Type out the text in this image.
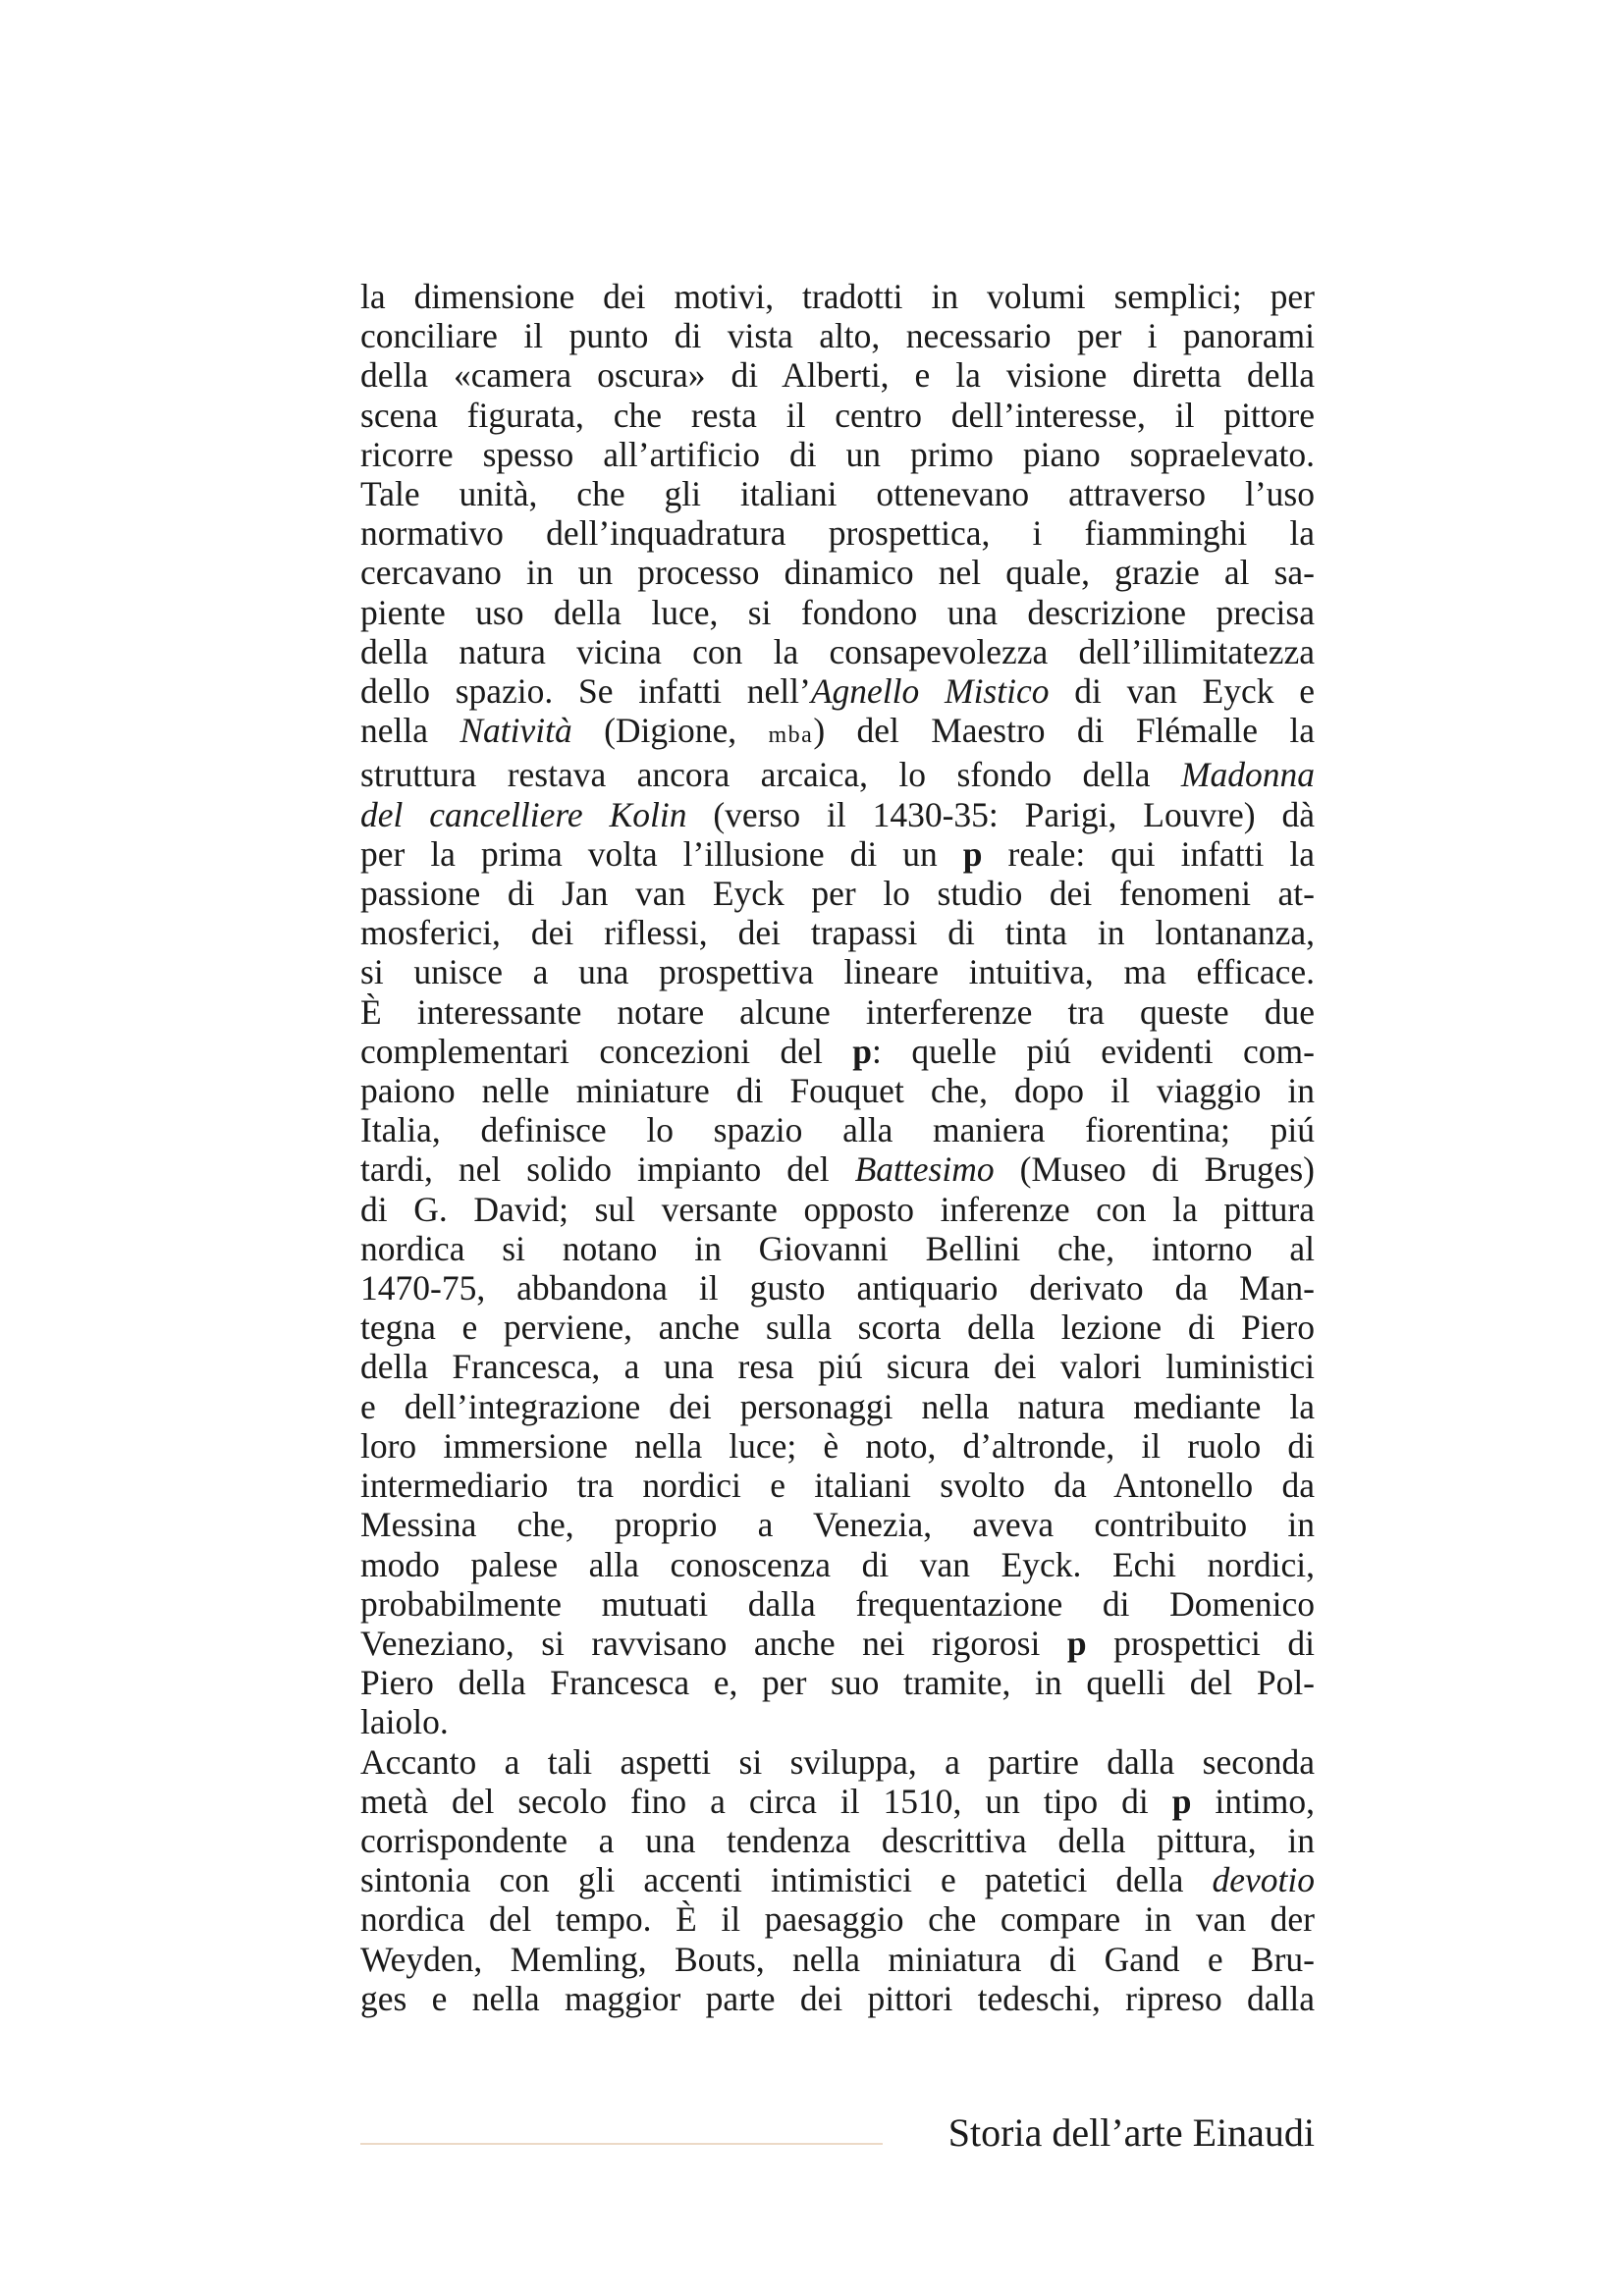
la dimensione dei motivi, tradotti in volumi semplici; per
conciliare il punto di vista alto, necessario per i panorami
della «camera oscura» di Alberti, e la visione diretta della
scena figurata, che resta il centro dell’interesse, il pittore
ricorre spesso all’artificio di un primo piano sopraelevato.
Tale unità, che gli italiani ottenevano attraverso l’uso
normativo dell’inquadratura prospettica, i fiamminghi la
cercavano in un processo dinamico nel quale, grazie al sa-
piente uso della luce, si fondono una descrizione precisa
della natura vicina con la consapevolezza dell’illimitatezza
dello spazio. Se infatti nell’Agnello Mistico di van Eyck e
nella Natività (Digione, mba) del Maestro di Flémalle la
struttura restava ancora arcaica, lo sfondo della Madonna
del cancelliere Kolin (verso il 1430-35: Parigi, Louvre) dà
per la prima volta l’illusione di un p reale: qui infatti la
passione di Jan van Eyck per lo studio dei fenomeni at-
mosferici, dei riflessi, dei trapassi di tinta in lontananza,
si unisce a una prospettiva lineare intuitiva, ma efficace.
È interessante notare alcune interferenze tra queste due
complementari concezioni del p: quelle piú evidenti com-
paiono nelle miniature di Fouquet che, dopo il viaggio in
Italia, definisce lo spazio alla maniera fiorentina; piú
tardi, nel solido impianto del Battesimo (Museo di Bruges)
di G. David; sul versante opposto inferenze con la pittura
nordica si notano in Giovanni Bellini che, intorno al
1470-75, abbandona il gusto antiquario derivato da Man-
tegna e perviene, anche sulla scorta della lezione di Piero
della Francesca, a una resa piú sicura dei valori luministici
e dell’integrazione dei personaggi nella natura mediante la
loro immersione nella luce; è noto, d’altronde, il ruolo di
intermediario tra nordici e italiani svolto da Antonello da
Messina che, proprio a Venezia, aveva contribuito in
modo palese alla conoscenza di van Eyck. Echi nordici,
probabilmente mutuati dalla frequentazione di Domenico
Veneziano, si ravvisano anche nei rigorosi p prospettici di
Piero della Francesca e, per suo tramite, in quelli del Pol-
laiolo.

Accanto a tali aspetti si sviluppa, a partire dalla seconda
metà del secolo fino a circa il 1510, un tipo di p intimo,
corrispondente a una tendenza descrittiva della pittura, in
sintonia con gli accenti intimistici e patetici della devotio
nordica del tempo. È il paesaggio che compare in van der
Weyden, Memling, Bouts, nella miniatura di Gand e Bru-
ges e nella maggior parte dei pittori tedeschi, ripreso dalla

Storia dell’arte Einaudi
